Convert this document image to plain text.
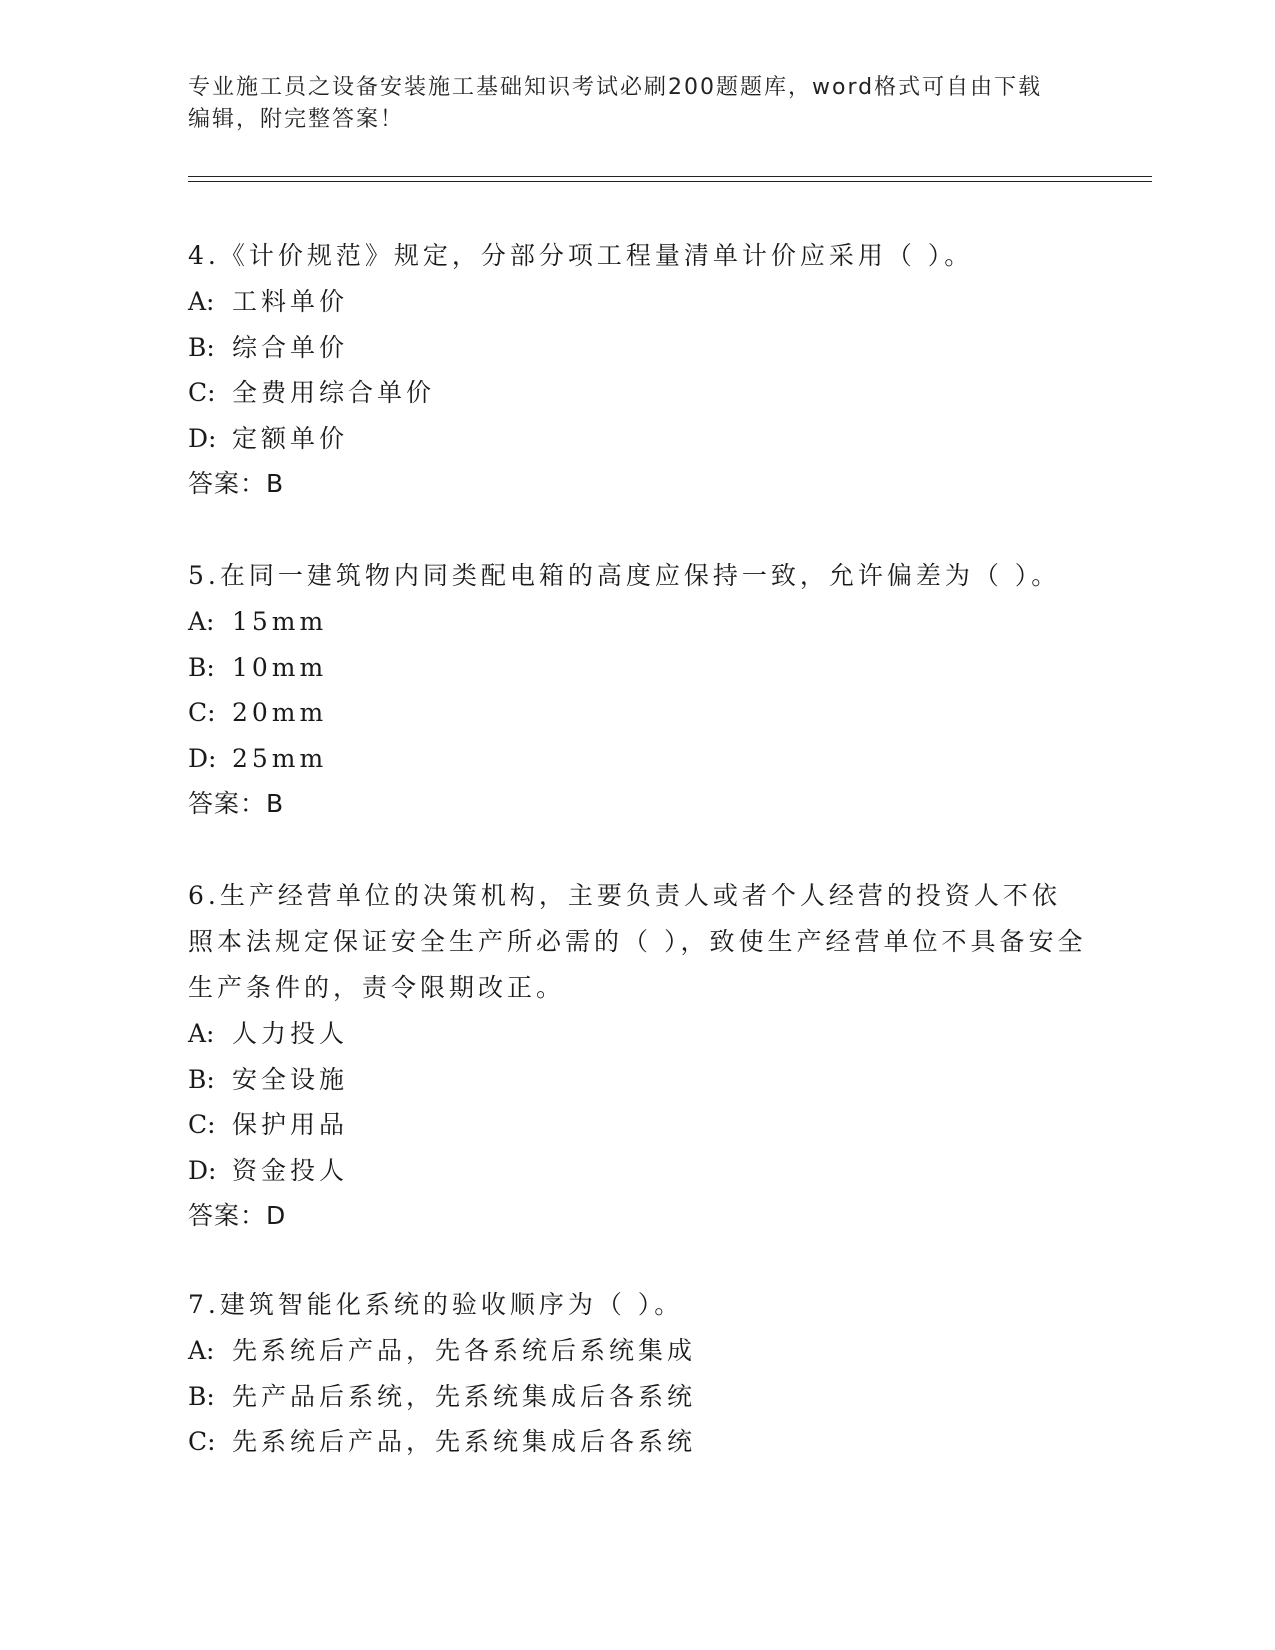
专业施工员之设备安装施工基础知识考试必刷200题题库，word格式可自由下载
编辑，附完整答案！

4.《计价规范》规定，分部分项工程量清单计价应采用（ ）。

A: 工料单价

B: 综合单价

C: 全费用综合单价

D: 定额单价

答案：B

5.在同一建筑物内同类配电箱的高度应保持一致，允许偏差为（ ）。

A: 15mm

B: 10mm

C: 20mm

D: 25mm

答案：B

6.生产经营单位的决策机构，主要负责人或者个人经营的投资人不依照本法规定保证安全生产所必需的（ ），致使生产经营单位不具备安全生产条件的，责令限期改正。

A: 人力投人

B: 安全设施

C: 保护用品

D: 资金投人

答案：D

7.建筑智能化系统的验收顺序为（ ）。

A: 先系统后产品，先各系统后系统集成

B: 先产品后系统，先系统集成后各系统

C: 先系统后产品，先系统集成后各系统
